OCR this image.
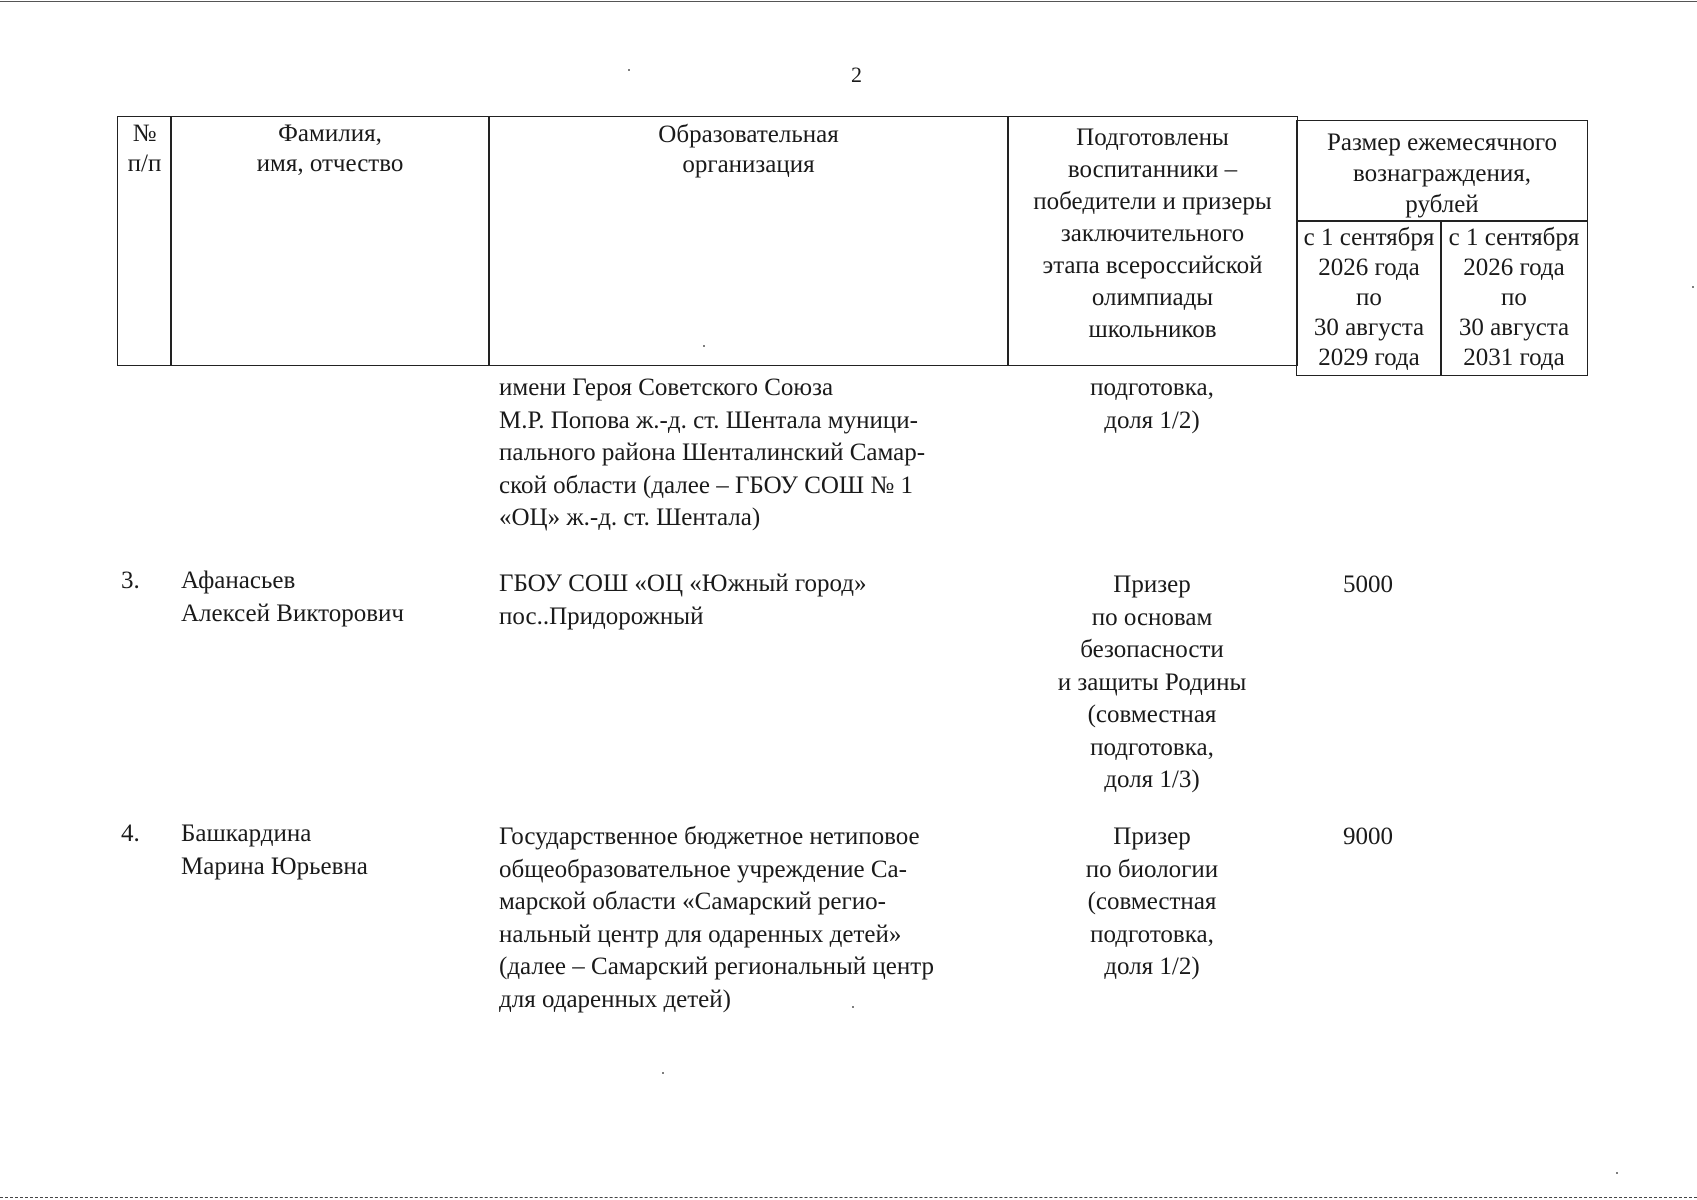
2
№
п/п
Фамилия,
имя, отчество
Образовательная
организация
Подготовлены
воспитанники –
победители и призеры
заключительного
этапа всероссийской
олимпиады
школьников
Размер ежемесячного
вознаграждения,
рублей
с 1 сентября
2026 года
по
30 августа
2029 года
с 1 сентября
2026 года
по
30 августа
2031 года
имени Героя Советского Союза
М.Р. Попова ж.-д. ст. Шентала муници-
пального района Шенталинский Самар-
ской области (далее – ГБОУ СОШ № 1
«ОЦ» ж.-д. ст. Шентала)
подготовка,
доля 1/2)
3. Афанасьев
Алексей Викторович
ГБОУ СОШ «ОЦ «Южный город»
пос..Придорожный
Призер
по основам
безопасности
и защиты Родины
(совместная
подготовка,
доля 1/3)
5000
4. Башкардина
Марина Юрьевна
Государственное бюджетное нетиповое
общеобразовательное учреждение Са-
марской области «Самарский регио-
нальный центр для одаренных детей»
(далее – Самарский региональный центр
для одаренных детей)
Призер
по биологии
(совместная
подготовка,
доля 1/2)
9000
